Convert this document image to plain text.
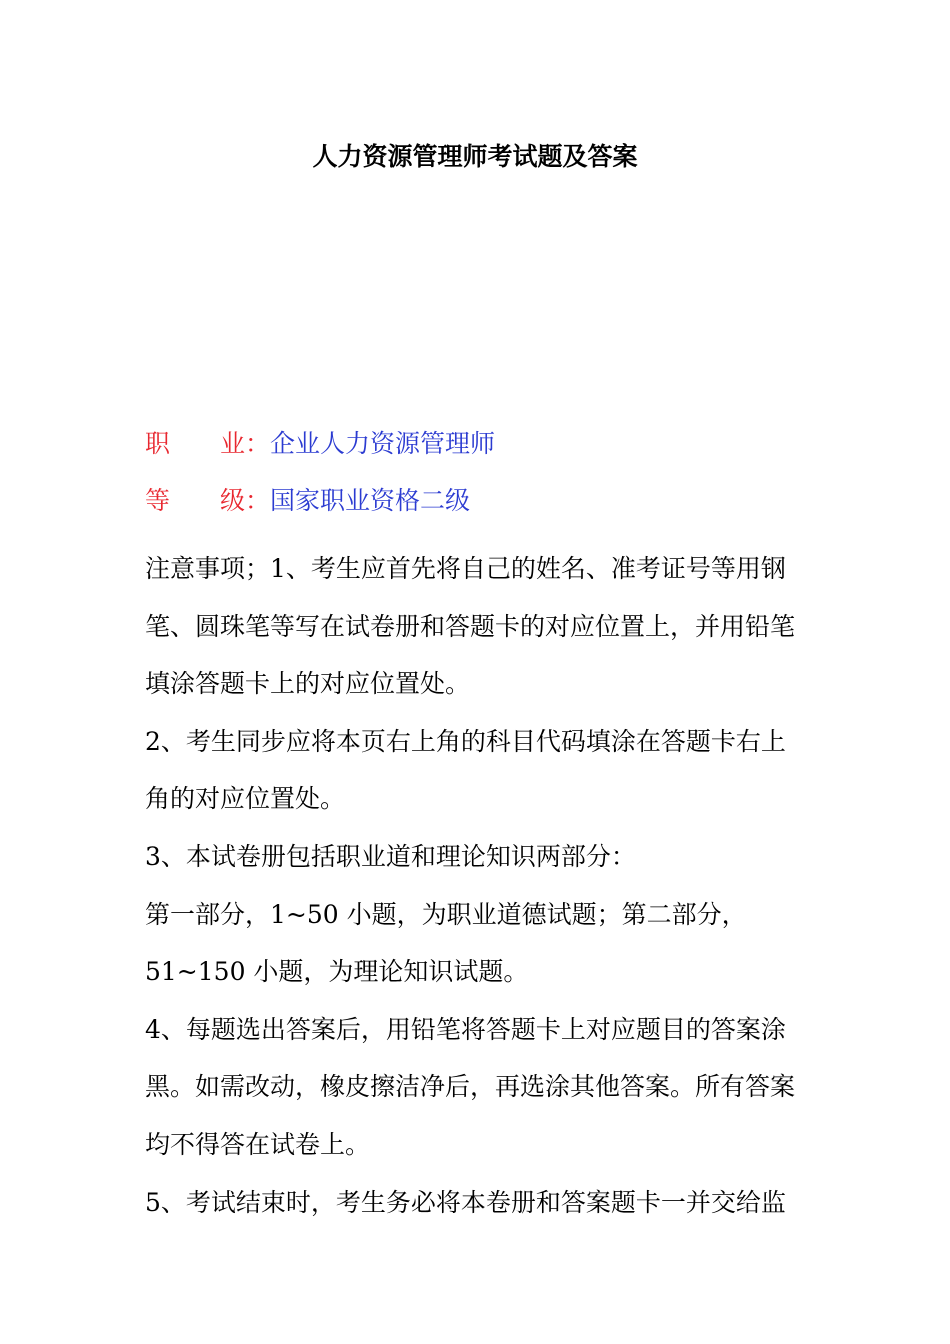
人力资源管理师考试题及答案
职 业：企业人力资源管理师
等 级：国家职业资格二级

注意事项；1、考生应首先将自己的姓名、准考证号等用钢笔、圆珠笔等写在试卷册和答题卡的对应位置上，并用铅笔填涂答题卡上的对应位置处。

2、考生同步应将本页右上角的科目代码填涂在答题卡右上角的对应位置处。

3、本试卷册包括职业道和理论知识两部分：

第一部分，1~50 小题，为职业道德试题；第二部分，

51~150 小题，为理论知识试题。

4、每题选出答案后，用铅笔将答题卡上对应题目的答案涂黑。如需改动，橡皮擦洁净后，再选涂其他答案。所有答案均不得答在试卷上。

5、考试结束时，考生务必将本卷册和答案题卡一并交给监
